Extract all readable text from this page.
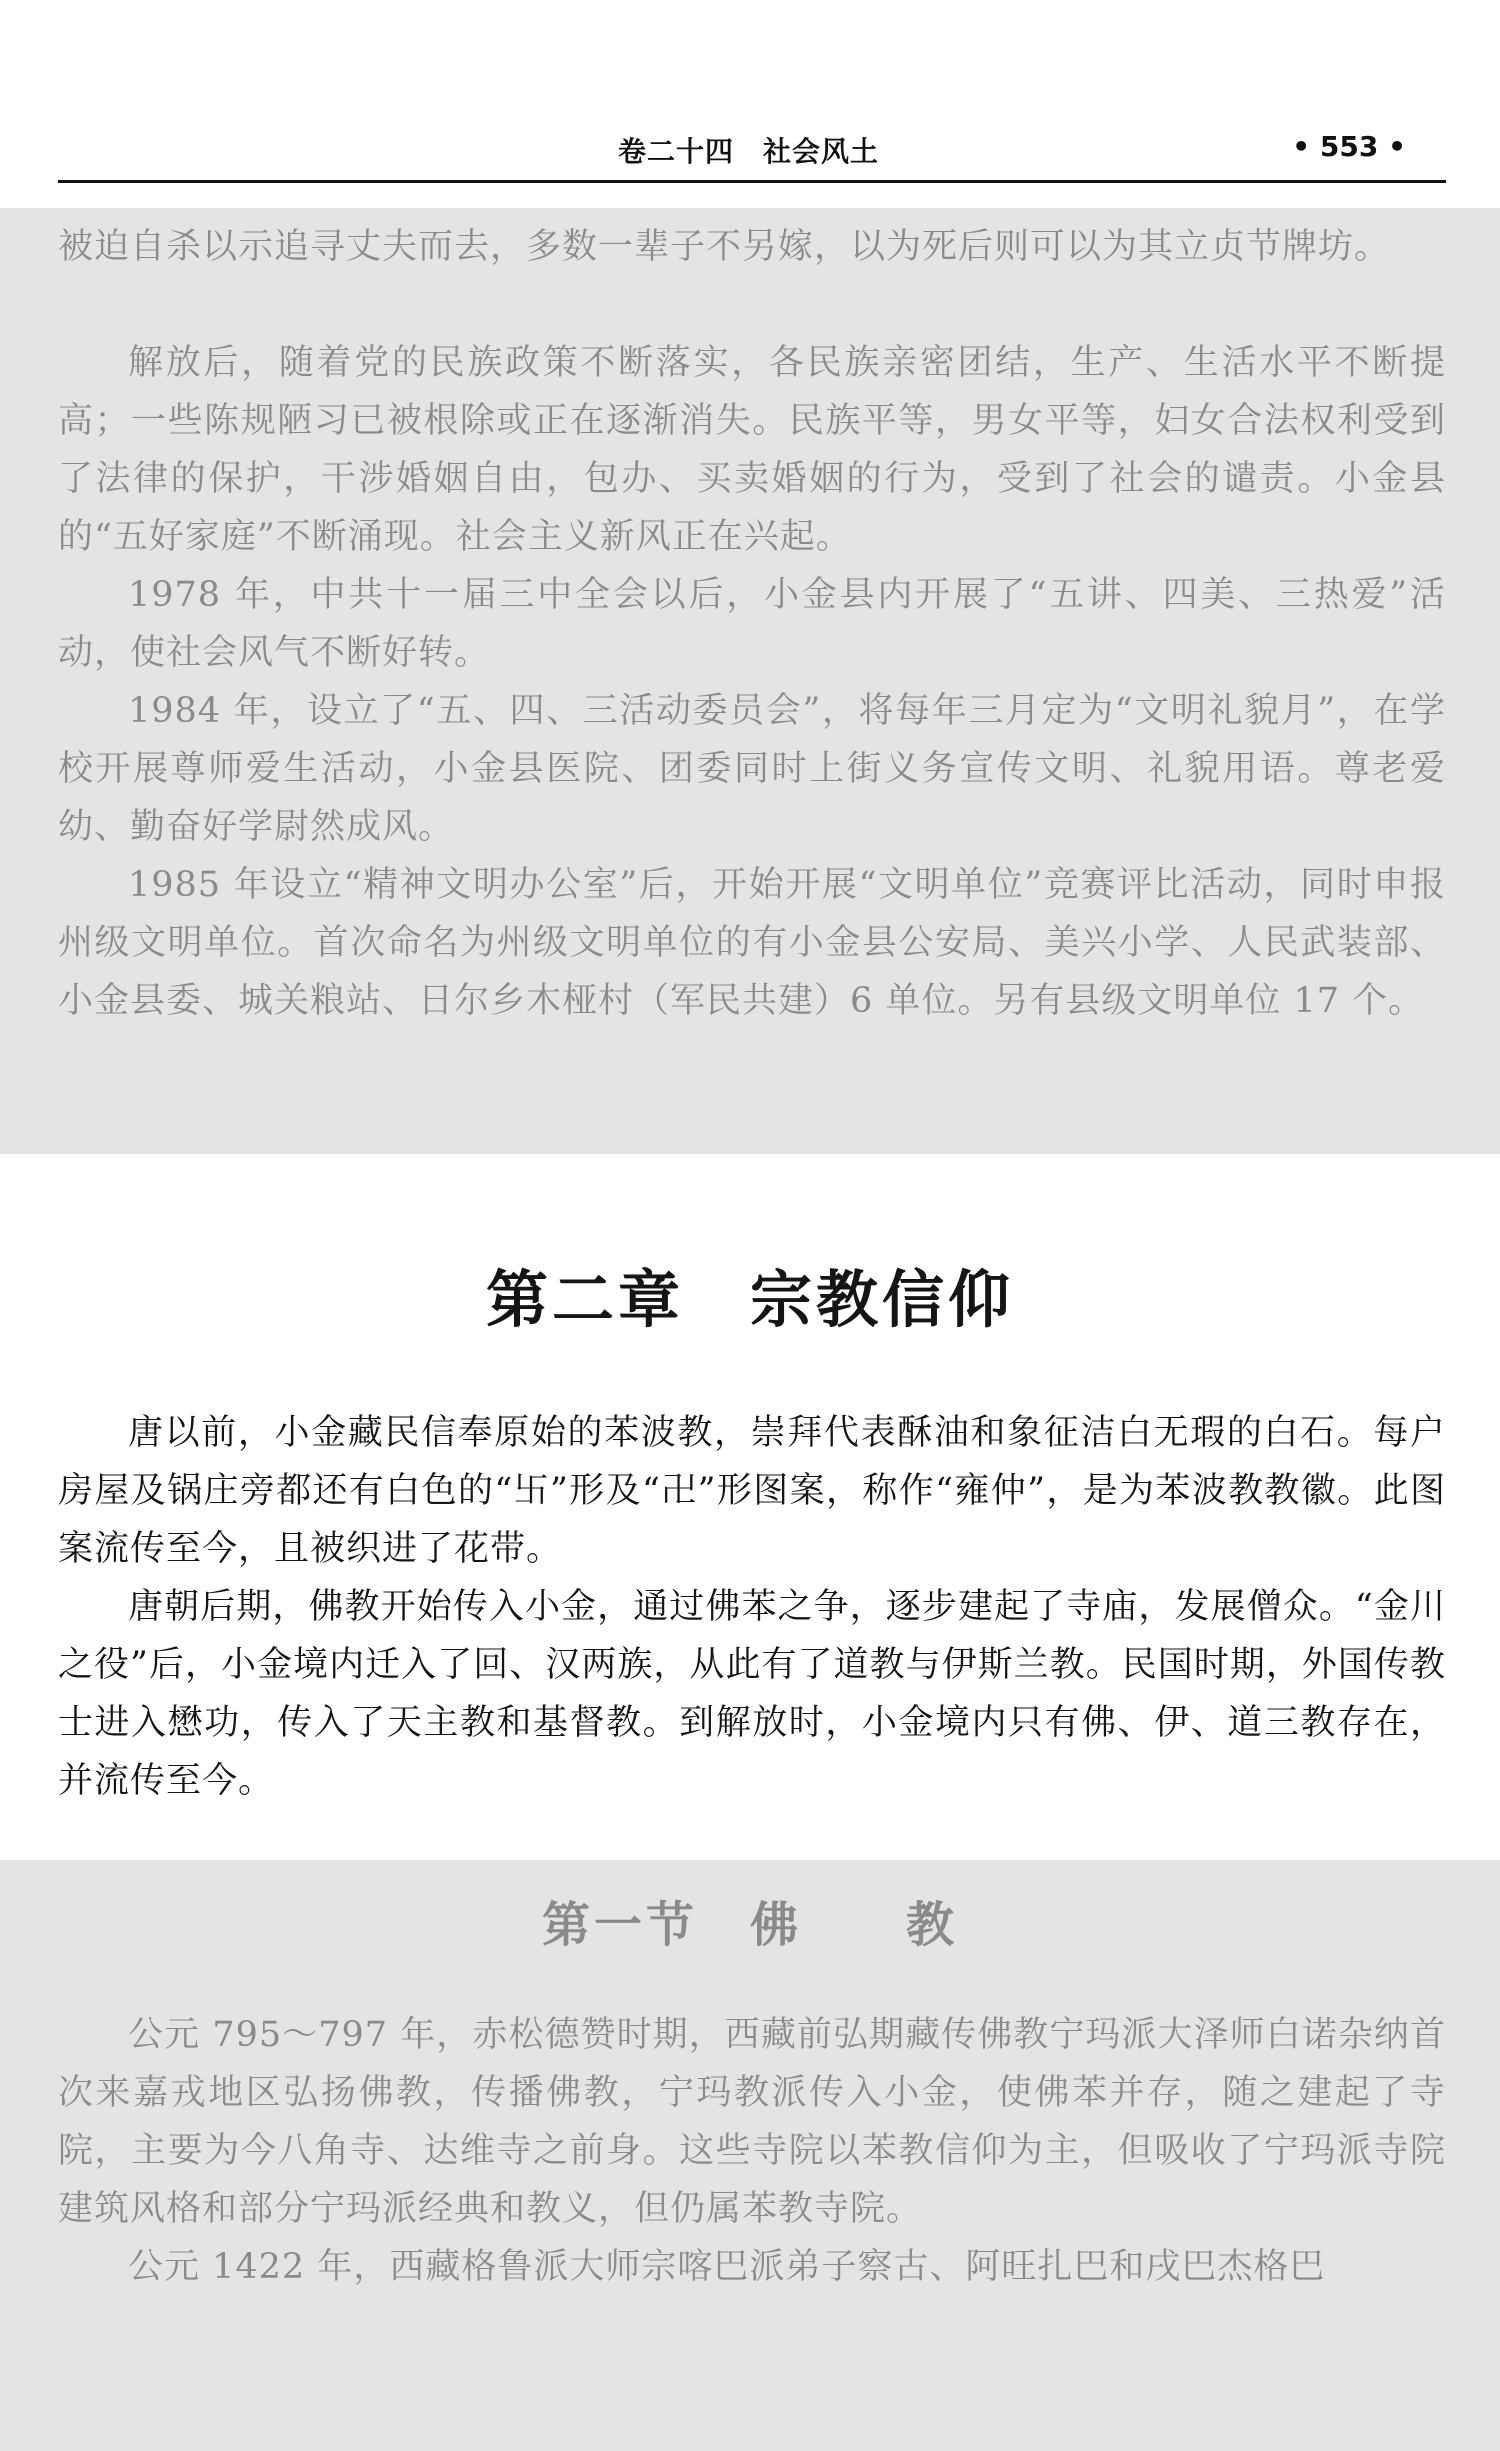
卷二十四　社会风土	• 553 •

被迫自杀以示追寻丈夫而去，多数一辈子不另嫁，以为死后则可以为其立贞节牌坊。

解放后，随着党的民族政策不断落实，各民族亲密团结，生产、生活水平不断提高；一些陈规陋习已被根除或正在逐渐消失。民族平等，男女平等，妇女合法权利受到了法律的保护，干涉婚姻自由，包办、买卖婚姻的行为，受到了社会的谴责。小金县的“五好家庭”不断涌现。社会主义新风正在兴起。

1978 年，中共十一届三中全会以后，小金县内开展了“五讲、四美、三热爱”活动，使社会风气不断好转。

1984 年，设立了“五、四、三活动委员会”，将每年三月定为“文明礼貌月”，在学校开展尊师爱生活动，小金县医院、团委同时上街义务宣传文明、礼貌用语。尊老爱幼、勤奋好学尉然成风。

1985 年设立“精神文明办公室”后，开始开展“文明单位”竞赛评比活动，同时申报州级文明单位。首次命名为州级文明单位的有小金县公安局、美兴小学、人民武装部、小金县委、城关粮站、日尔乡木桠村（军民共建）6 单位。另有县级文明单位 17 个。

第二章　宗教信仰

唐以前，小金藏民信奉原始的苯波教，崇拜代表酥油和象征洁白无瑕的白石。每户房屋及锅庄旁都还有白色的“卐”形及“卍”形图案，称作“雍仲”，是为苯波教教徽。此图案流传至今，且被织进了花带。

唐朝后期，佛教开始传入小金，通过佛苯之争，逐步建起了寺庙，发展僧众。“金川之役”后，小金境内迁入了回、汉两族，从此有了道教与伊斯兰教。民国时期，外国传教士进入懋功，传入了天主教和基督教。到解放时，小金境内只有佛、伊、道三教存在，并流传至今。

第一节　佛　　教

公元 795～797 年，赤松德赞时期，西藏前弘期藏传佛教宁玛派大泽师白诺杂纳首次来嘉戎地区弘扬佛教，传播佛教，宁玛教派传入小金，使佛苯并存，随之建起了寺院，主要为今八角寺、达维寺之前身。这些寺院以苯教信仰为主，但吸收了宁玛派寺院建筑风格和部分宁玛派经典和教义，但仍属苯教寺院。

公元 1422 年，西藏格鲁派大师宗喀巴派弟子察古、阿旺扎巴和戌巴杰格巴
